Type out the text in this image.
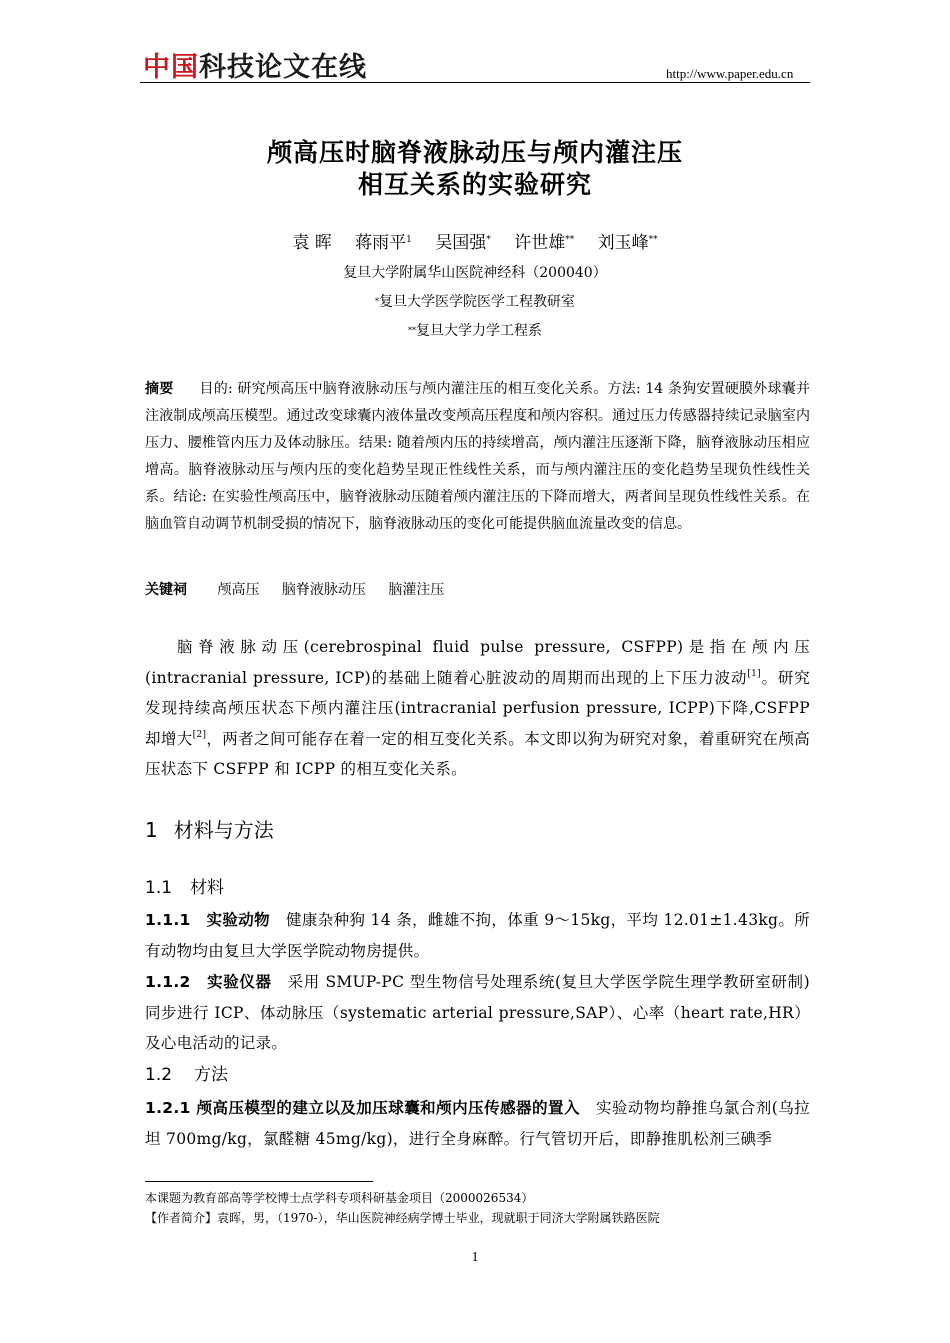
中国科技论文在线	http://www.paper.edu.cn
颅高压时脑脊液脉动压与颅内灌注压
相互关系的实验研究
袁 晖 蒋雨平$^1$ 吴国强* 许世雄** 刘玉峰**
复旦大学附属华山医院神经科（200040）
*复旦大学医学院医学工程教研室
**复旦大学力学工程系
摘要 目的: 研究颅高压中脑脊液脉动压与颅内灌注压的相互变化关系。方法: 14 条狗安置硬膜外球囊并注液制成颅高压模型。通过改变球囊内液体量改变颅高压程度和颅内容积。通过压力传感器持续记录脑室内压力、腰椎管内压力及体动脉压。结果: 随着颅内压的持续增高，颅内灌注压逐渐下降，脑脊液脉动压相应增高。脑脊液脉动压与颅内压的变化趋势呈现正性线性关系，而与颅内灌注压的变化趋势呈现负性线性关系。结论: 在实验性颅高压中，脑脊液脉动压随着颅内灌注压的下降而增大，两者间呈现负性线性关系。在脑血管自动调节机制受损的情况下，脑脊液脉动压的变化可能提供脑血流量改变的信息。
关键祠 颅高压 脑脊液脉动压 脑灌注压
脑脊液脉动压(cerebrospinal fluid pulse pressure, CSFPP)是指在颅内压(intracranial pressure, ICP)的基础上随着心脏波动的周期而出现的上下压力波动[1]。研究发现持续高颅压状态下颅内灌注压(intracranial perfusion pressure, ICPP)下降,CSFPP 却增大[2]，两者之间可能存在着一定的相互变化关系。本文即以狗为研究对象，着重研究在颅高压状态下 CSFPP 和 ICPP 的相互变化关系。
1 材料与方法
1.1 材料
1.1.1　实验动物 健康杂种狗 14 条，雌雄不拘，体重 9～15kg，平均 12.01±1.43kg。所有动物均由复旦大学医学院动物房提供。
1.1.2　实验仪器 采用 SMUP-PC 型生物信号处理系统(复旦大学医学院生理学教研室研制)同步进行 ICP、体动脉压（systematic arterial pressure,SAP）、心率（heart rate,HR）及心电活动的记录。
1.2 方法
1.2.1 颅高压模型的建立以及加压球囊和颅内压传感器的置入 实验动物均静推乌氯合剂(乌拉坦 700mg/kg，氯醛糖 45mg/kg)，进行全身麻醉。行气管切开后，即静推肌松剂三碘季
本课题为教育部高等学校博士点学科专项科研基金项目（2000026534）
【作者简介】袁晖，男，（1970-），华山医院神经病学博士毕业，现就职于同济大学附属铁路医院
1
